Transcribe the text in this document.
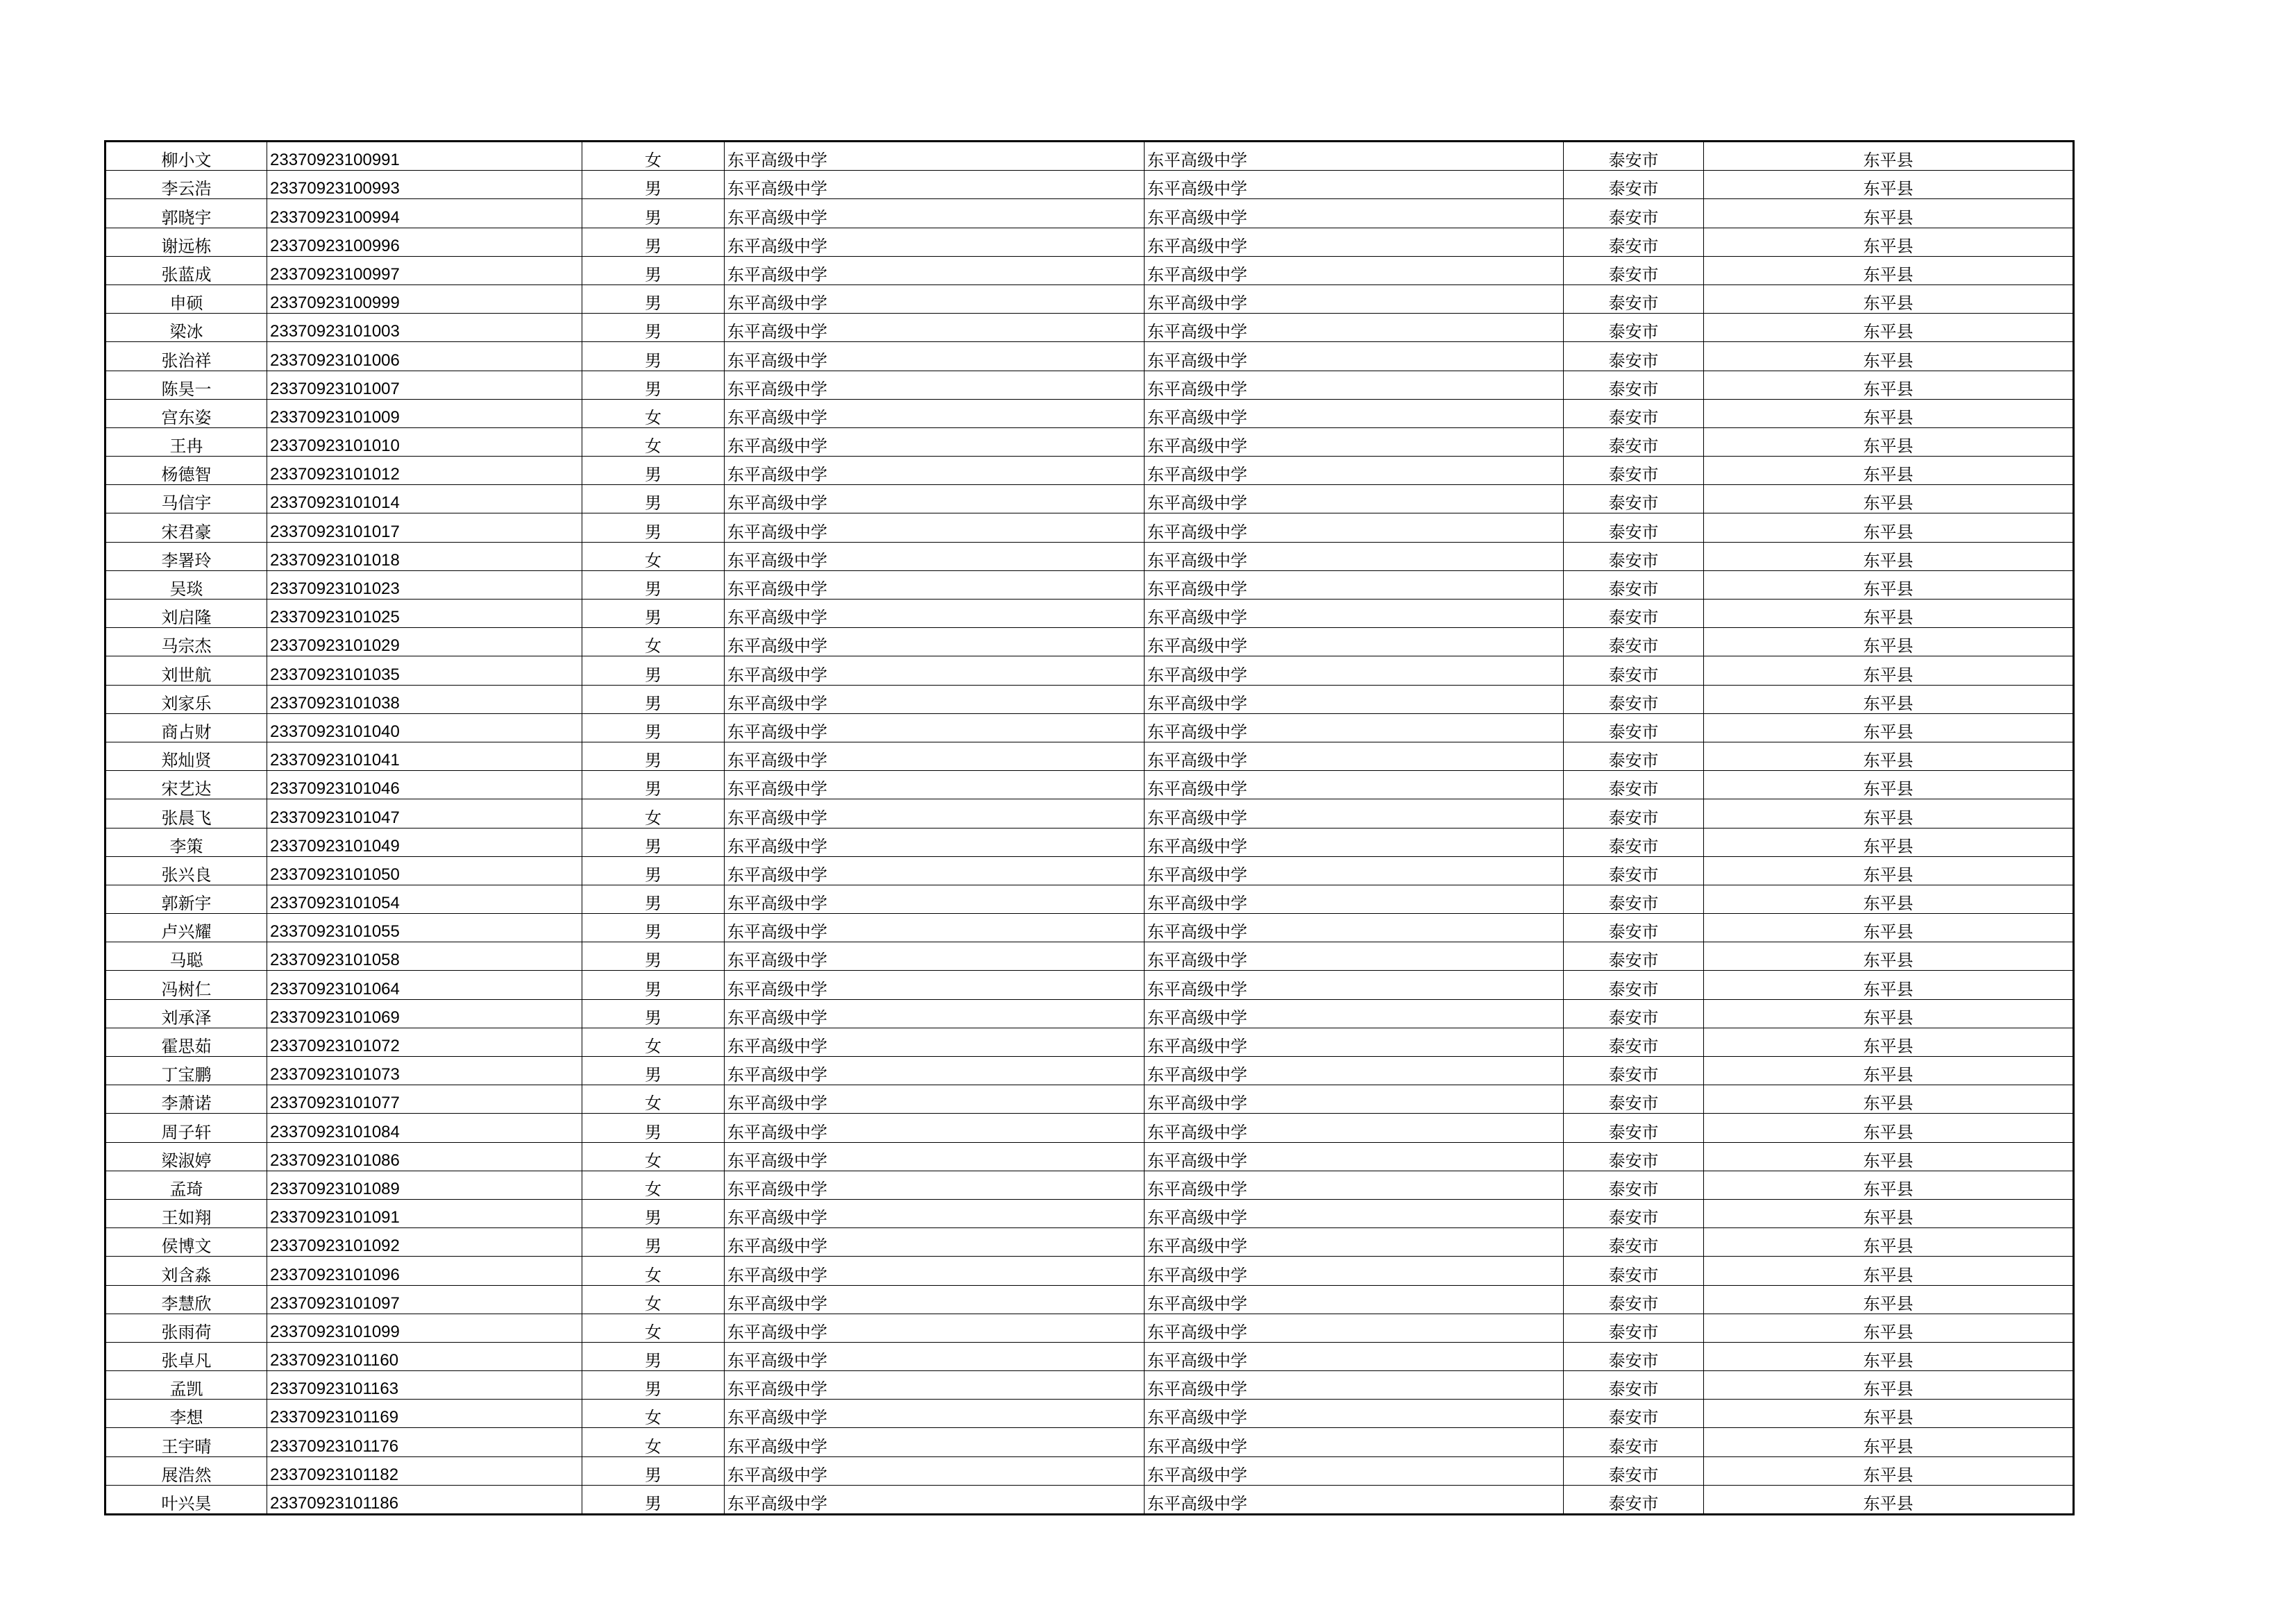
柳小文	23370923100991	女	东平高级中学	东平高级中学	泰安市	东平县
李云浩	23370923100993	男	东平高级中学	东平高级中学	泰安市	东平县
郭晓宇	23370923100994	男	东平高级中学	东平高级中学	泰安市	东平县
谢远栋	23370923100996	男	东平高级中学	东平高级中学	泰安市	东平县
张蓝成	23370923100997	男	东平高级中学	东平高级中学	泰安市	东平县
申硕	23370923100999	男	东平高级中学	东平高级中学	泰安市	东平县
梁冰	23370923101003	男	东平高级中学	东平高级中学	泰安市	东平县
张治祥	23370923101006	男	东平高级中学	东平高级中学	泰安市	东平县
陈昊一	23370923101007	男	东平高级中学	东平高级中学	泰安市	东平县
宫东姿	23370923101009	女	东平高级中学	东平高级中学	泰安市	东平县
王冉	23370923101010	女	东平高级中学	东平高级中学	泰安市	东平县
杨德智	23370923101012	男	东平高级中学	东平高级中学	泰安市	东平县
马信宇	23370923101014	男	东平高级中学	东平高级中学	泰安市	东平县
宋君豪	23370923101017	男	东平高级中学	东平高级中学	泰安市	东平县
李署玲	23370923101018	女	东平高级中学	东平高级中学	泰安市	东平县
吴琰	23370923101023	男	东平高级中学	东平高级中学	泰安市	东平县
刘启隆	23370923101025	男	东平高级中学	东平高级中学	泰安市	东平县
马宗杰	23370923101029	女	东平高级中学	东平高级中学	泰安市	东平县
刘世航	23370923101035	男	东平高级中学	东平高级中学	泰安市	东平县
刘家乐	23370923101038	男	东平高级中学	东平高级中学	泰安市	东平县
商占财	23370923101040	男	东平高级中学	东平高级中学	泰安市	东平县
郑灿贤	23370923101041	男	东平高级中学	东平高级中学	泰安市	东平县
宋艺达	23370923101046	男	东平高级中学	东平高级中学	泰安市	东平县
张晨飞	23370923101047	女	东平高级中学	东平高级中学	泰安市	东平县
李策	23370923101049	男	东平高级中学	东平高级中学	泰安市	东平县
张兴良	23370923101050	男	东平高级中学	东平高级中学	泰安市	东平县
郭新宇	23370923101054	男	东平高级中学	东平高级中学	泰安市	东平县
卢兴耀	23370923101055	男	东平高级中学	东平高级中学	泰安市	东平县
马聪	23370923101058	男	东平高级中学	东平高级中学	泰安市	东平县
冯树仁	23370923101064	男	东平高级中学	东平高级中学	泰安市	东平县
刘承泽	23370923101069	男	东平高级中学	东平高级中学	泰安市	东平县
霍思茹	23370923101072	女	东平高级中学	东平高级中学	泰安市	东平县
丁宝鹏	23370923101073	男	东平高级中学	东平高级中学	泰安市	东平县
李萧诺	23370923101077	女	东平高级中学	东平高级中学	泰安市	东平县
周子轩	23370923101084	男	东平高级中学	东平高级中学	泰安市	东平县
梁淑婷	23370923101086	女	东平高级中学	东平高级中学	泰安市	东平县
孟琦	23370923101089	女	东平高级中学	东平高级中学	泰安市	东平县
王如翔	23370923101091	男	东平高级中学	东平高级中学	泰安市	东平县
侯博文	23370923101092	男	东平高级中学	东平高级中学	泰安市	东平县
刘含淼	23370923101096	女	东平高级中学	东平高级中学	泰安市	东平县
李慧欣	23370923101097	女	东平高级中学	东平高级中学	泰安市	东平县
张雨荷	23370923101099	女	东平高级中学	东平高级中学	泰安市	东平县
张卓凡	23370923101160	男	东平高级中学	东平高级中学	泰安市	东平县
孟凯	23370923101163	男	东平高级中学	东平高级中学	泰安市	东平县
李想	23370923101169	女	东平高级中学	东平高级中学	泰安市	东平县
王宇晴	23370923101176	女	东平高级中学	东平高级中学	泰安市	东平县
展浩然	23370923101182	男	东平高级中学	东平高级中学	泰安市	东平县
叶兴昊	23370923101186	男	东平高级中学	东平高级中学	泰安市	东平县
